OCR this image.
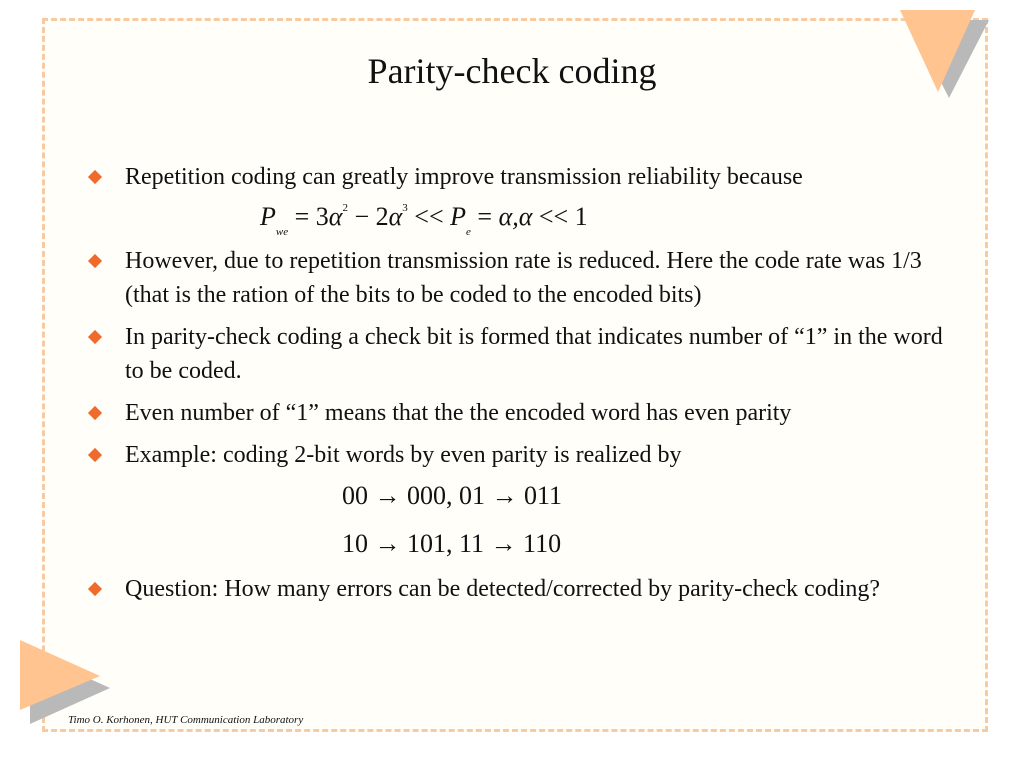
Parity-check coding
Repetition coding can greatly improve transmission reliability because
$P_{we} = 3\alpha^2 - 2\alpha^3 << P_e = \alpha,\alpha << 1$
However, due to repetition transmission rate is reduced. Here the code rate was 1/3 (that is the ration of the bits to be coded to the encoded bits)
In parity-check coding a check bit is formed that indicates number of “1” in the word to be coded.
Even number of “1” means that the the encoded word has even parity
Example: coding 2-bit words by even parity is realized by
00 → 000, 01 → 011
10 → 101, 11 → 110
Question: How many errors can be detected/corrected by parity-check coding?
Timo O. Korhonen, HUT Communication Laboratory
